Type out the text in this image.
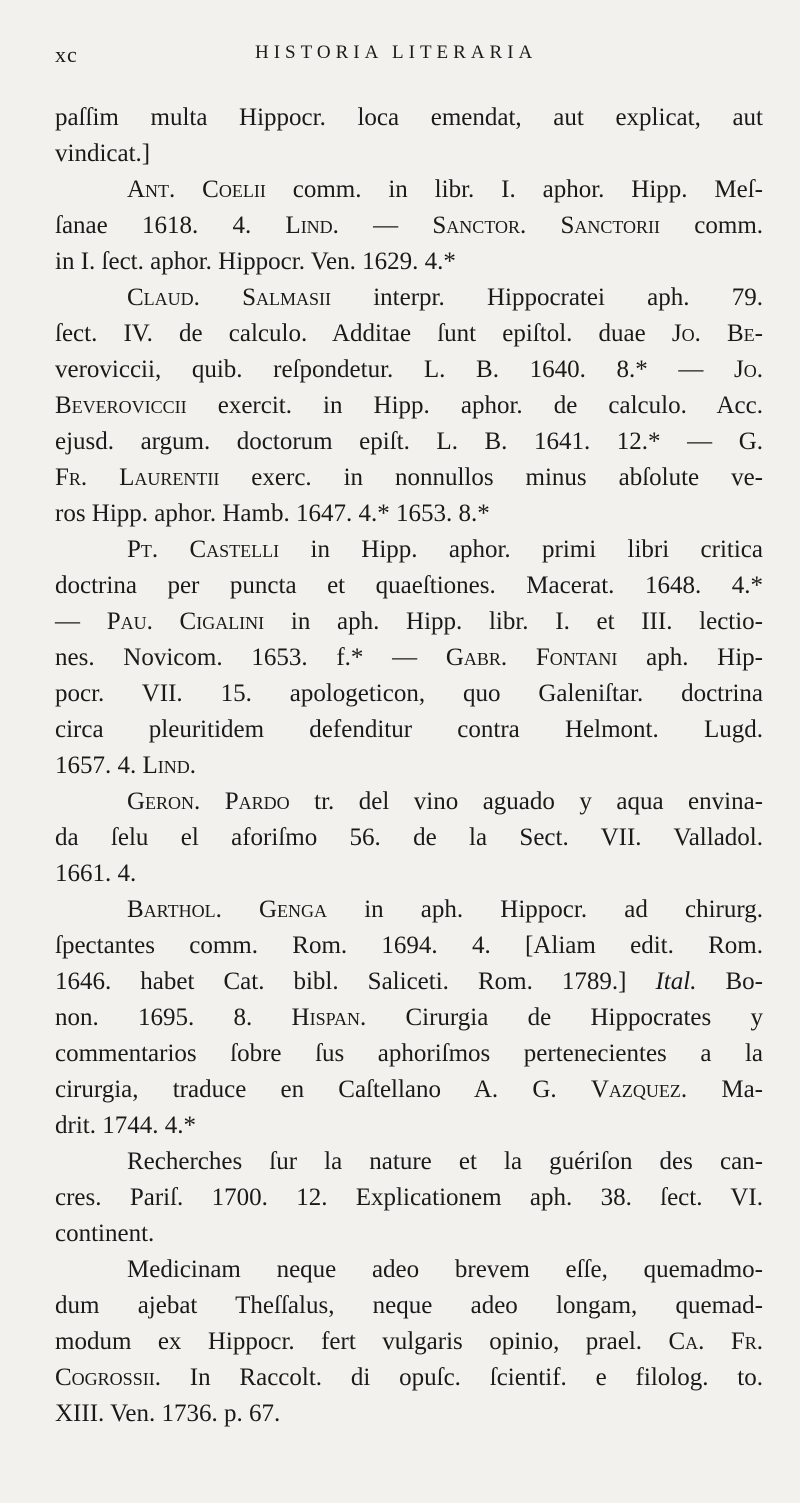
xc	HISTORIA LITERARIA
paſſim multa Hippocr. loca emendat, aut explicat, aut
vindicat.]
Ant. Coelii comm. in libr. I. aphor. Hipp. Meſ-
ſanae 1618. 4. Lind. — Sanctor. Sanctorii comm.
in I. ſect. aphor. Hippocr. Ven. 1629. 4.*
Claud. Salmasii interpr. Hippocratei aph. 79.
ſect. IV. de calculo. Additae ſunt epiſtol. duae Jo. Be-
veroviccii, quib. reſpondetur. L. B. 1640. 8.* — Jo.
Beverovicciі exercit. in Hipp. aphor. de calculo. Acc.
ejusd. argum. doctorum epiſt. L. B. 1641. 12.* — G.
Fr. Laurentii exerc. in nonnullos minus abſolute ve-
ros Hipp. aphor. Hamb. 1647. 4.* 1653. 8.*
Pt. Castelli in Hipp. aphor. primi libri critica
doctrina per puncta et quaeſtiones. Macerat. 1648. 4.*
— Pau. Cigalini in aph. Hipp. libr. I. et III. lectio-
nes. Novicom. 1653. f.* — Gabr. Fontani aph. Hip-
pocr. VII. 15. apologeticon, quo Galeniſtar. doctrina
circa pleuritidem defenditur contra Helmont. Lugd.
1657. 4. Lind.
Geron. Pardo tr. del vino aguado y aqua envina-
da ſelu el aforiſmo 56. de la Sect. VII. Valladol.
1661. 4.
Barthol. Genga in aph. Hippocr. ad chirurg.
ſpectantes comm. Rom. 1694. 4. [Aliam edit. Rom.
1646. habet Cat. bibl. Saliceti. Rom. 1789.] Ital. Bo-
non. 1695. 8. Hispan. Cirurgia de Hippocrates y
commentarios ſobre ſus aphoriſmos pertenecientes a la
cirurgia, traduce en Caſtellano A. G. Vazquez. Ma-
drit. 1744. 4.*
Recherches ſur la nature et la guériſon des can-
cres. Pariſ. 1700. 12. Explicationem aph. 38. ſect. VI.
continent.
Medicinam neque adeo brevem eſſe, quemadmo-
dum ajebat Theſſalus, neque adeo longam, quemad-
modum ex Hippocr. fert vulgaris opinio, prael. Ca. Fr.
Cogrossii. In Raccolt. di opuſc. ſcientif. e filolog. to.
XIII. Ven. 1736. p. 67.
